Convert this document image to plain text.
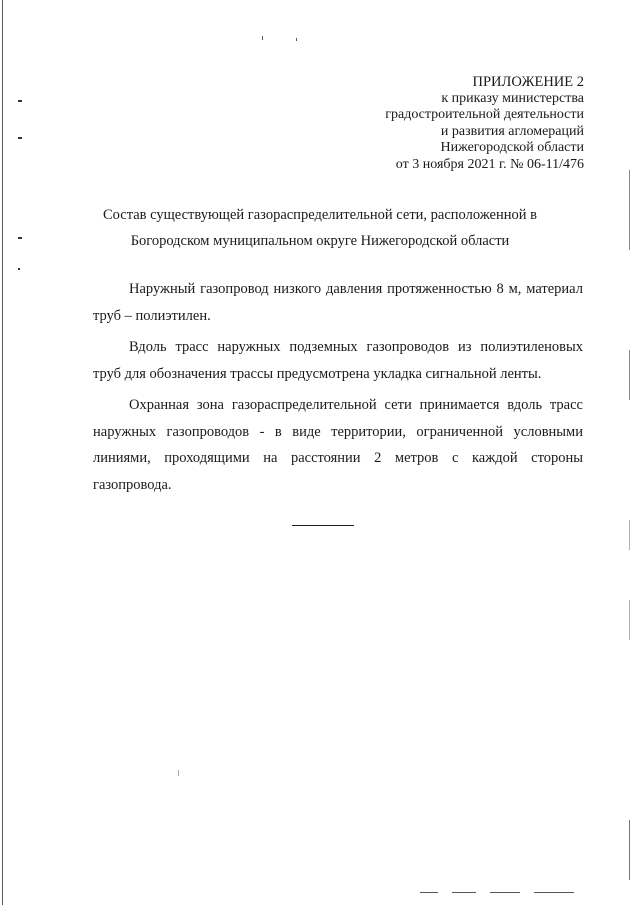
ПРИЛОЖЕНИЕ 2
к приказу министерства
градостроительной деятельности
и развития агломераций
Нижегородской области
от 3 ноября 2021 г. № 06-11/476
Состав существующей газораспределительной сети, расположенной в
Богородском муниципальном округе Нижегородской области

Наружный газопровод низкого давления протяженностью 8 м, материал труб – полиэтилен.

Вдоль трасс наружных подземных газопроводов из полиэтиленовых труб для обозначения трассы предусмотрена укладка сигнальной ленты.

Охранная зона газораспределительной сети принимается вдоль трасс наружных газопроводов - в виде территории, ограниченной условными линиями, проходящими на расстоянии 2 метров с каждой стороны газопровода.
